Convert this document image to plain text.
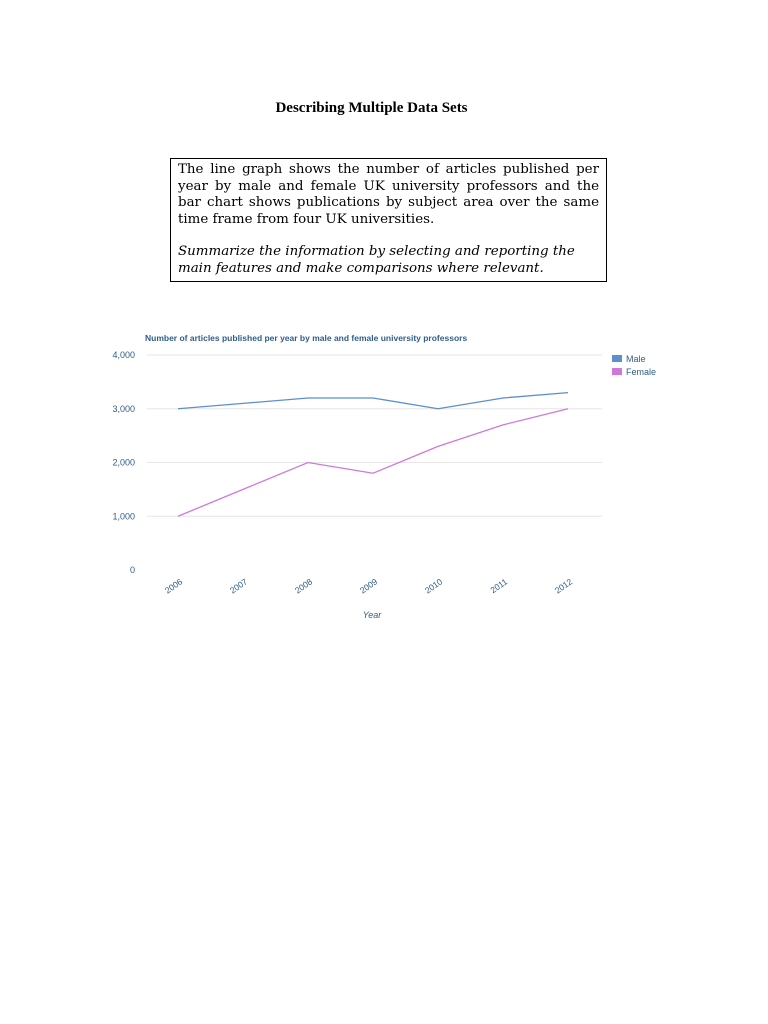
Describing Multiple Data Sets

The line graph shows the number of articles published per year by male and female UK university professors and the bar chart shows publications by subject area over the same time frame from four UK universities.

Summarize the information by selecting and reporting the main features and make comparisons where relevant.

Number of articles published per year by male and female university professors
0
1,000
2,000
3,000
4,000
2006	2007	2008	2009	2010	2011	2012
Male
Female
Year
